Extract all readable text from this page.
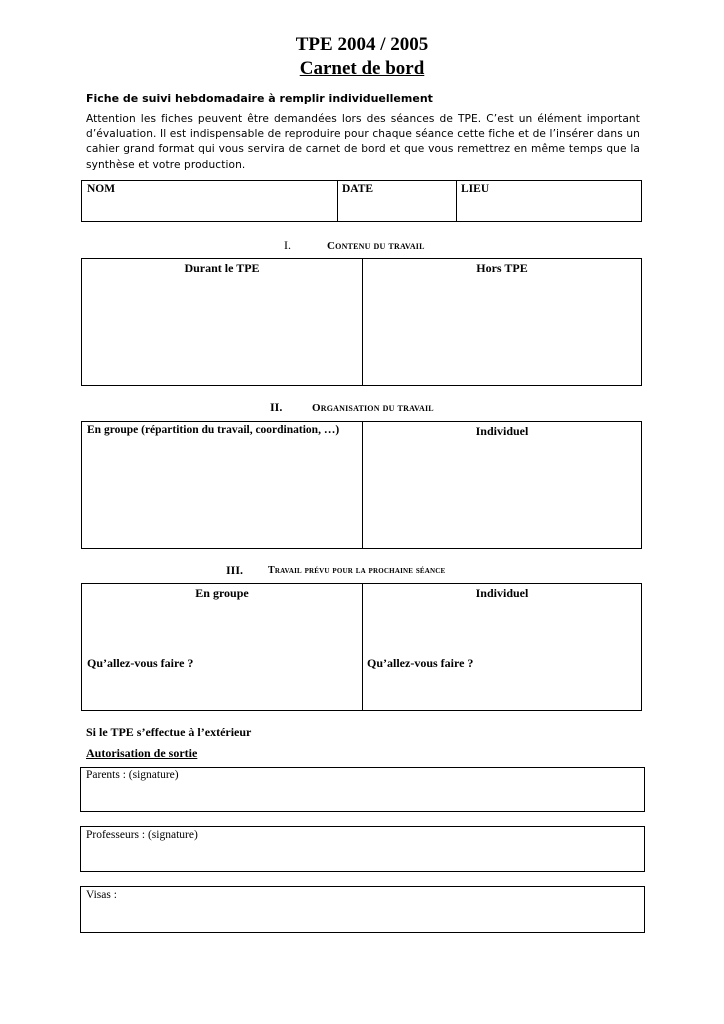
TPE 2004 / 2005
Carnet de bord
Fiche de suivi hebdomadaire à remplir individuellement
Attention les fiches peuvent être demandées lors des séances de TPE. C’est un élément important d’évaluation. Il est indispensable de reproduire pour chaque séance cette fiche et de l’insérer dans un cahier grand format qui vous servira de carnet de bord et que vous remettrez en même temps que la synthèse et votre production.
NOM	DATE	LIEU
I.	Contenu du travail
Durant le TPE	Hors TPE
II.	Organisation du travail
En groupe (répartition du travail, coordination, …)	Individuel
III. Travail prévu pour la prochaine séance
En groupe	Individuel
Qu’allez-vous faire ?	Qu’allez-vous faire ?
Si le TPE s’effectue à l’extérieur
Autorisation de sortie
Parents : (signature)
Professeurs : (signature)
Visas :
